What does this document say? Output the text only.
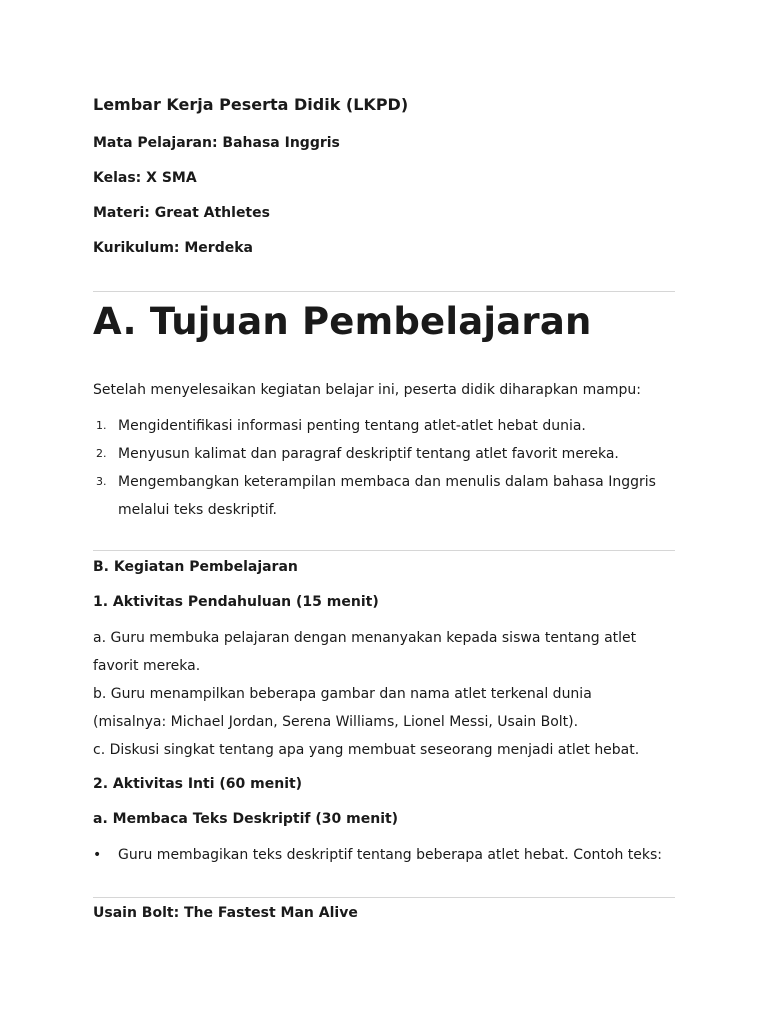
Lembar Kerja Peserta Didik (LKPD)
Mata Pelajaran: Bahasa Inggris
Kelas: X SMA
Materi: Great Athletes
Kurikulum: Merdeka
A. Tujuan Pembelajaran
Setelah menyelesaikan kegiatan belajar ini, peserta didik diharapkan mampu:
1. Mengidentifikasi informasi penting tentang atlet-atlet hebat dunia.
2. Menyusun kalimat dan paragraf deskriptif tentang atlet favorit mereka.
3. Mengembangkan keterampilan membaca dan menulis dalam bahasa Inggris
melalui teks deskriptif.
B. Kegiatan Pembelajaran
1. Aktivitas Pendahuluan (15 menit)
a. Guru membuka pelajaran dengan menanyakan kepada siswa tentang atlet
favorit mereka.
b. Guru menampilkan beberapa gambar dan nama atlet terkenal dunia
(misalnya: Michael Jordan, Serena Williams, Lionel Messi, Usain Bolt).
c. Diskusi singkat tentang apa yang membuat seseorang menjadi atlet hebat.
2. Aktivitas Inti (60 menit)
a. Membaca Teks Deskriptif (30 menit)
• Guru membagikan teks deskriptif tentang beberapa atlet hebat. Contoh teks:
Usain Bolt: The Fastest Man Alive
